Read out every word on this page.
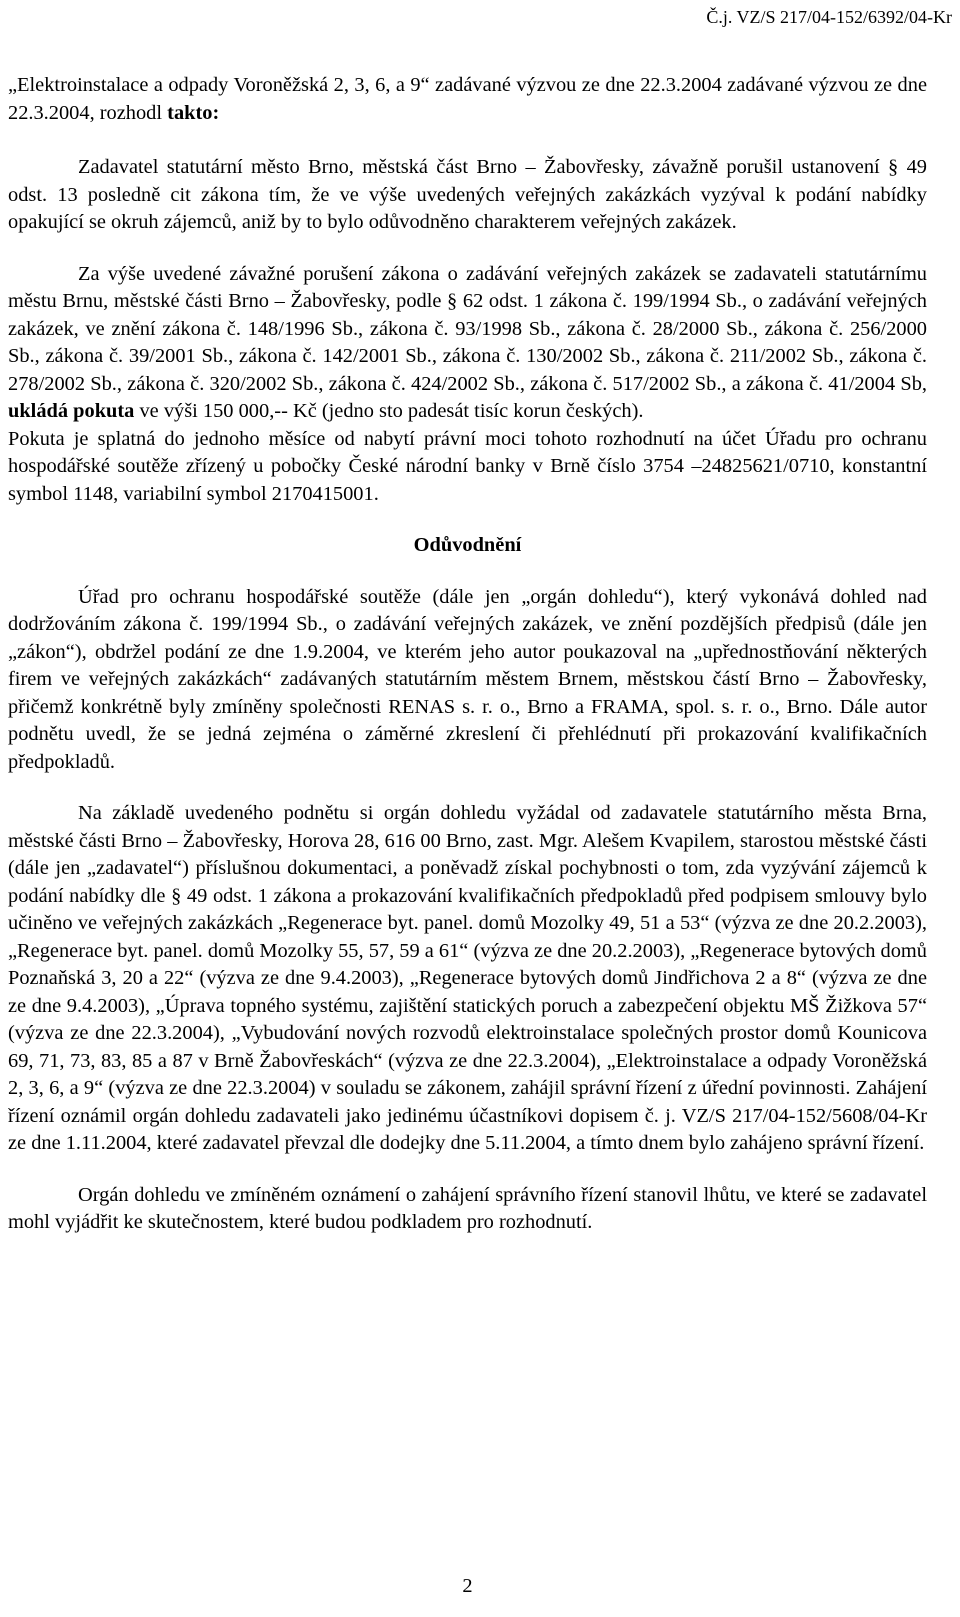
Č.j. VZ/S 217/04-152/6392/04-Kr

„Elektroinstalace a odpady Voroněžská 2, 3, 6, a 9“ zadávané výzvou ze dne 22.3.2004 zadávané výzvou ze dne 22.3.2004, rozhodl takto:

Zadavatel statutární město Brno, městská část Brno – Žabovřesky, závažně porušil ustanovení § 49 odst. 13 posledně cit zákona tím, že ve výše uvedených veřejných zakázkách vyzýval k podání nabídky opakující se okruh zájemců, aniž by to bylo odůvodněno charakterem veřejných zakázek.

Za výše uvedené závažné porušení zákona o zadávání veřejných zakázek se zadavateli statutárnímu městu Brnu, městské části Brno – Žabovřesky, podle § 62 odst. 1 zákona č. 199/1994 Sb., o zadávání veřejných zakázek, ve znění zákona č. 148/1996 Sb., zákona č. 93/1998 Sb., zákona č. 28/2000 Sb., zákona č. 256/2000 Sb., zákona č. 39/2001 Sb., zákona č. 142/2001 Sb., zákona č. 130/2002 Sb., zákona č. 211/2002 Sb., zákona č. 278/2002 Sb., zákona č. 320/2002 Sb., zákona č. 424/2002 Sb., zákona č. 517/2002 Sb., a zákona č. 41/2004 Sb, ukládá pokuta ve výši 150 000,-- Kč (jedno sto padesát tisíc korun českých).

Pokuta je splatná do jednoho měsíce od nabytí právní moci tohoto rozhodnutí na účet Úřadu pro ochranu hospodářské soutěže zřízený u pobočky České národní banky v Brně číslo 3754 –24825621/0710, konstantní symbol 1148, variabilní symbol 2170415001.

Odůvodnění

Úřad pro ochranu hospodářské soutěže (dále jen „orgán dohledu“), který vykonává dohled nad dodržováním zákona č. 199/1994 Sb., o zadávání veřejných zakázek, ve znění pozdějších předpisů (dále jen „zákon“), obdržel podání ze dne 1.9.2004, ve kterém jeho autor poukazoval na „upřednostňování některých firem ve veřejných zakázkách“ zadávaných statutárním městem Brnem, městskou částí Brno – Žabovřesky, přičemž konkrétně byly zmíněny společnosti RENAS s. r. o., Brno a FRAMA, spol. s. r. o., Brno. Dále autor podnětu uvedl, že se jedná zejména o záměrné zkreslení či přehlédnutí při prokazování kvalifikačních předpokladů.

Na základě uvedeného podnětu si orgán dohledu vyžádal od zadavatele statutárního města Brna, městské části Brno – Žabovřesky, Horova 28, 616 00 Brno, zast. Mgr. Alešem Kvapilem, starostou městské části (dále jen „zadavatel“) příslušnou dokumentaci, a poněvadž získal pochybnosti o tom, zda vyzývání zájemců k podání nabídky dle § 49 odst. 1 zákona a prokazování kvalifikačních předpokladů před podpisem smlouvy bylo učiněno ve veřejných zakázkách „Regenerace byt. panel. domů Mozolky 49, 51 a 53“ (výzva ze dne 20.2.2003), „Regenerace byt. panel. domů Mozolky 55, 57, 59 a 61“ (výzva ze dne 20.2.2003), „Regenerace bytových domů Poznaňská 3, 20 a 22“ (výzva ze dne 9.4.2003), „Regenerace bytových domů Jindřichova 2 a 8“ (výzva ze dne ze dne 9.4.2003), „Úprava topného systému, zajištění statických poruch a zabezpečení objektu MŠ Žižkova 57“ (výzva ze dne 22.3.2004), „Vybudování nových rozvodů elektroinstalace společných prostor domů Kounicova 69, 71, 73, 83, 85 a 87 v Brně Žabovřeskách“ (výzva ze dne 22.3.2004), „Elektroinstalace a odpady Voroněžská 2, 3, 6, a 9“ (výzva ze dne 22.3.2004) v souladu se zákonem, zahájil správní řízení z úřední povinnosti. Zahájení řízení oznámil orgán dohledu zadavateli jako jedinému účastníkovi dopisem č. j. VZ/S 217/04-152/5608/04-Kr ze dne 1.11.2004, které zadavatel převzal dle dodejky dne 5.11.2004, a tímto dnem bylo zahájeno správní řízení.

Orgán dohledu ve zmíněném oznámení o zahájení správního řízení stanovil lhůtu, ve které se zadavatel mohl vyjádřit ke skutečnostem, které budou podkladem pro rozhodnutí.

2
